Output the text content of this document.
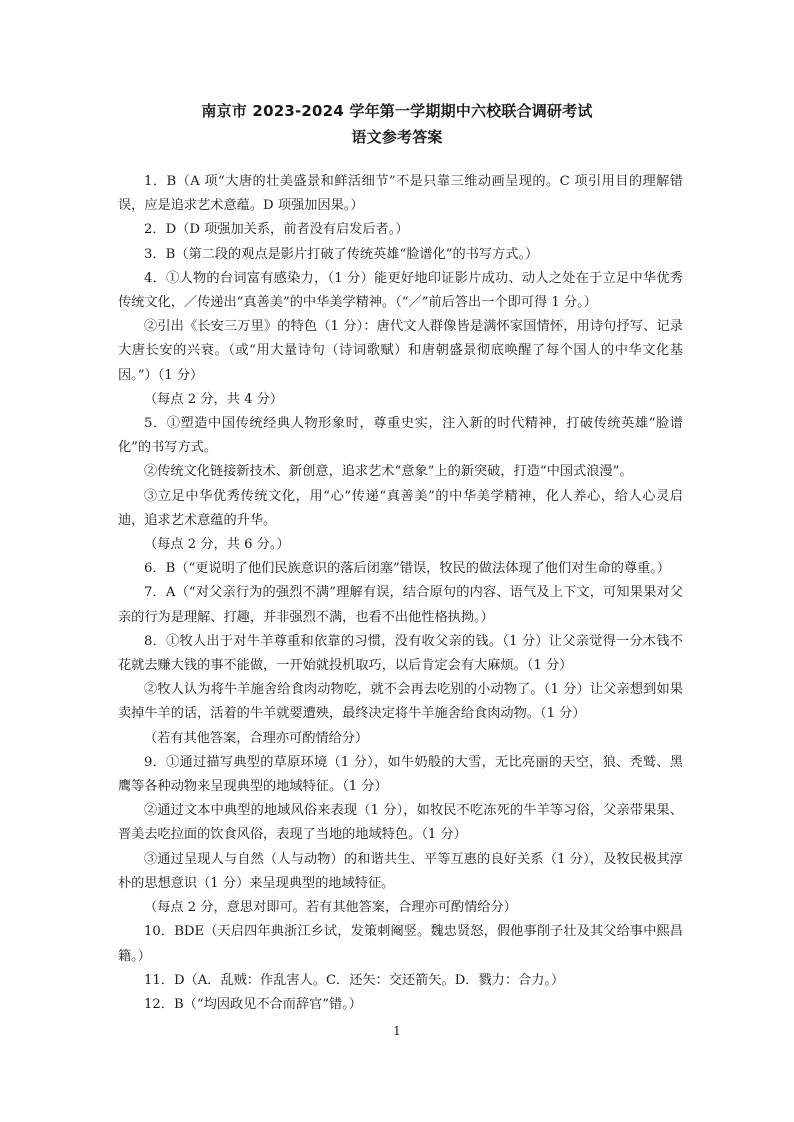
南京市 2023-2024 学年第一学期期中六校联合调研考试
语文参考答案

1．B（A 项“大唐的壮美盛景和鲜活细节”不是只靠三维动画呈现的。C 项引用目的理解错误，应是追求艺术意蕴。D 项强加因果。）

2．D（D 项强加关系，前者没有启发后者。）

3．B（第二段的观点是影片打破了传统英雄“脸谱化”的书写方式。）

4．①人物的台词富有感染力，（1 分）能更好地印证影片成功、动人之处在于立足中华优秀传统文化，／传递出“真善美”的中华美学精神。（“／”前后答出一个即可得 1 分。）

②引出《长安三万里》的特色（1 分）：唐代文人群像皆是满怀家国情怀，用诗句抒写、记录大唐长安的兴衰。（或“用大量诗句（诗词歌赋）和唐朝盛景彻底唤醒了每个国人的中华文化基因。”）（1 分）

（每点 2 分，共 4 分）

5．①塑造中国传统经典人物形象时，尊重史实，注入新的时代精神，打破传统英雄“脸谱化”的书写方式。

②传统文化链接新技术、新创意，追求艺术“意象”上的新突破，打造“中国式浪漫”。

③立足中华优秀传统文化，用“心”传递“真善美”的中华美学精神，化人养心，给人心灵启迪，追求艺术意蕴的升华。

（每点 2 分，共 6 分。）

6．B（“更说明了他们民族意识的落后闭塞”错误，牧民的做法体现了他们对生命的尊重。）

7．A（“对父亲行为的强烈不满”理解有误，结合原句的内容、语气及上下文，可知果果对父亲的行为是理解、打趣，并非强烈不满，也看不出他性格执拗。）

8．①牧人出于对牛羊尊重和依靠的习惯，没有收父亲的钱。（1 分）让父亲觉得一分木钱不花就去赚大钱的事不能做，一开始就投机取巧，以后肯定会有大麻烦。（1 分）

②牧人认为将牛羊施舍给食肉动物吃，就不会再去吃别的小动物了。（1 分）让父亲想到如果卖掉牛羊的话，活着的牛羊就要遭殃，最终决定将牛羊施舍给食肉动物。（1 分）

（若有其他答案，合理亦可酌情给分）

9．①通过描写典型的草原环境（1 分），如牛奶般的大雪，无比亮丽的天空，狼、秃鹫、黑鹰等各种动物来呈现典型的地域特征。（1 分）

②通过文本中典型的地域风俗来表现（1 分），如牧民不吃冻死的牛羊等习俗，父亲带果果、晋美去吃拉面的饮食风俗，表现了当地的地域特色。（1 分）

③通过呈现人与自然（人与动物）的和谐共生、平等互惠的良好关系（1 分），及牧民极其淳朴的思想意识（1 分）来呈现典型的地域特征。

（每点 2 分，意思对即可。若有其他答案，合理亦可酌情给分）

10．BDE（天启四年典浙江乡试，发策刺阉竖。魏忠贤怒，假他事削子壮及其父给事中熙昌籍。）

11．D（A．乱贼：作乱害人。C．还矢：交还箭矢。D．戮力：合力。）

12．B（“均因政见不合而辞官”错。）

1
